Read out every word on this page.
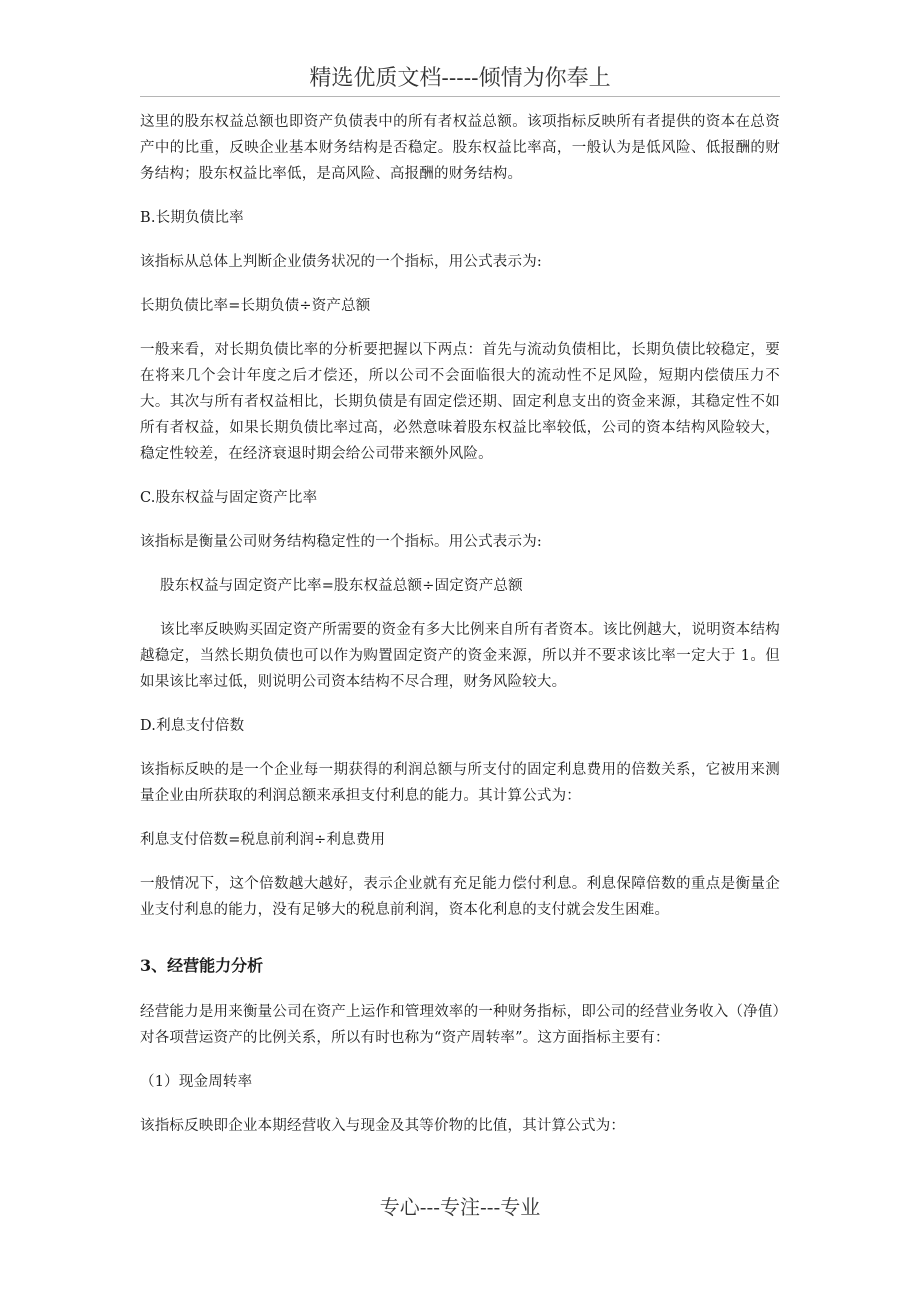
精选优质文档-----倾情为你奉上

这里的股东权益总额也即资产负债表中的所有者权益总额。该项指标反映所有者提供的资本在总资产中的比重，反映企业基本财务结构是否稳定。股东权益比率高，一般认为是低风险、低报酬的财务结构；股东权益比率低，是高风险、高报酬的财务结构。

B.长期负债比率

该指标从总体上判断企业债务状况的一个指标，用公式表示为:

长期负债比率=长期负债÷资产总额

一般来看，对长期负债比率的分析要把握以下两点：首先与流动负债相比，长期负债比较稳定，要在将来几个会计年度之后才偿还，所以公司不会面临很大的流动性不足风险，短期内偿债压力不大。其次与所有者权益相比，长期负债是有固定偿还期、固定利息支出的资金来源，其稳定性不如所有者权益，如果长期负债比率过高，必然意味着股东权益比率较低，公司的资本结构风险较大，稳定性较差，在经济衰退时期会给公司带来额外风险。

C.股东权益与固定资产比率

该指标是衡量公司财务结构稳定性的一个指标。用公式表示为:

股东权益与固定资产比率=股东权益总额÷固定资产总额

该比率反映购买固定资产所需要的资金有多大比例来自所有者资本。该比例越大，说明资本结构越稳定，当然长期负债也可以作为购置固定资产的资金来源，所以并不要求该比率一定大于 1。但如果该比率过低，则说明公司资本结构不尽合理，财务风险较大。

D.利息支付倍数

该指标反映的是一个企业每一期获得的利润总额与所支付的固定利息费用的倍数关系，它被用来测量企业由所获取的利润总额来承担支付利息的能力。其计算公式为：

利息支付倍数=税息前利润÷利息费用

一般情况下，这个倍数越大越好，表示企业就有充足能力偿付利息。利息保障倍数的重点是衡量企业支付利息的能力，没有足够大的税息前利润，资本化利息的支付就会发生困难。

3、经营能力分析

经营能力是用来衡量公司在资产上运作和管理效率的一种财务指标，即公司的经营业务收入（净值）对各项营运资产的比例关系，所以有时也称为“资产周转率”。这方面指标主要有：

（1）现金周转率

该指标反映即企业本期经营收入与现金及其等价物的比值，其计算公式为：

专心---专注---专业
